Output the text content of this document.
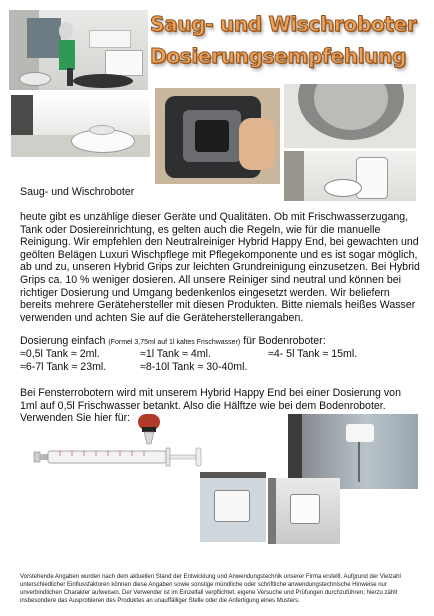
Saug- und Wischroboter
Dosierungsempfehlung
Saug- und Wischroboter
heute gibt es unzählige dieser Geräte und Qualitäten. Ob mit Frischwasserzugang, Tank oder Dosiereinrichtung, es gelten auch die Regeln, wie für die manuelle Reinigung. Wir empfehlen den Neutralreiniger Hybrid Happy End, bei gewachten und geölten Belägen Luxuri Wischpflege mit Pflegekomponente und es ist sogar möglich, ab und zu, unseren Hybrid Grips zur leichten Grundreinigung einzusetzen. Bei Hybrid Grips ca. 10 % weniger dosieren. All unsere Reiniger sind neutral und können bei richtiger Dosierung und Umgang bedenkenlos eingesetzt werden. Wir beliefern bereits mehrere Gerätehersteller mit diesen Produkten. Bitte niemals heißes Wasser verwenden und achten Sie auf die Geräteherstellerangaben.
Dosierung einfach (Formel 3,75ml auf 1l kaltes Frischwasser) für Bodenroboter:
≈0,5l Tank ≈ 2ml.	≈1l Tank ≈ 4ml.	≈4- 5l Tank ≈ 15ml.
≈6-7l Tank ≈ 23ml.	≈8-10l Tank ≈ 30-40ml.
Bei Fensterrobotern wird mit unserem Hybrid Happy End bei einer Dosierung von 1ml auf 0,5l Frischwasser betankt. Also die Hälftze wie bei dem Bodenroboter. Verwenden Sie hier für:
Vorstehende Angaben wurden nach dem aktuellen Stand der Entwicklung und Anwendungstechnik unserer Firma erstellt. Aufgrund der Vielzahl unterschiedlicher Einflussfaktoren können diese Angaben sowie sonstige mündliche oder schriftliche anwendungstechnische Hinweise nur unverbindlichen Charakter aufweisen. Der Verwender ist im Einzelfall verpflichtet, eigene Versuche und Prüfungen durchzuführen; hierzu zählt insbesondere das Ausprobieren des Produktes an unauffälliger Stelle oder die Anfertigung eines Musters.
